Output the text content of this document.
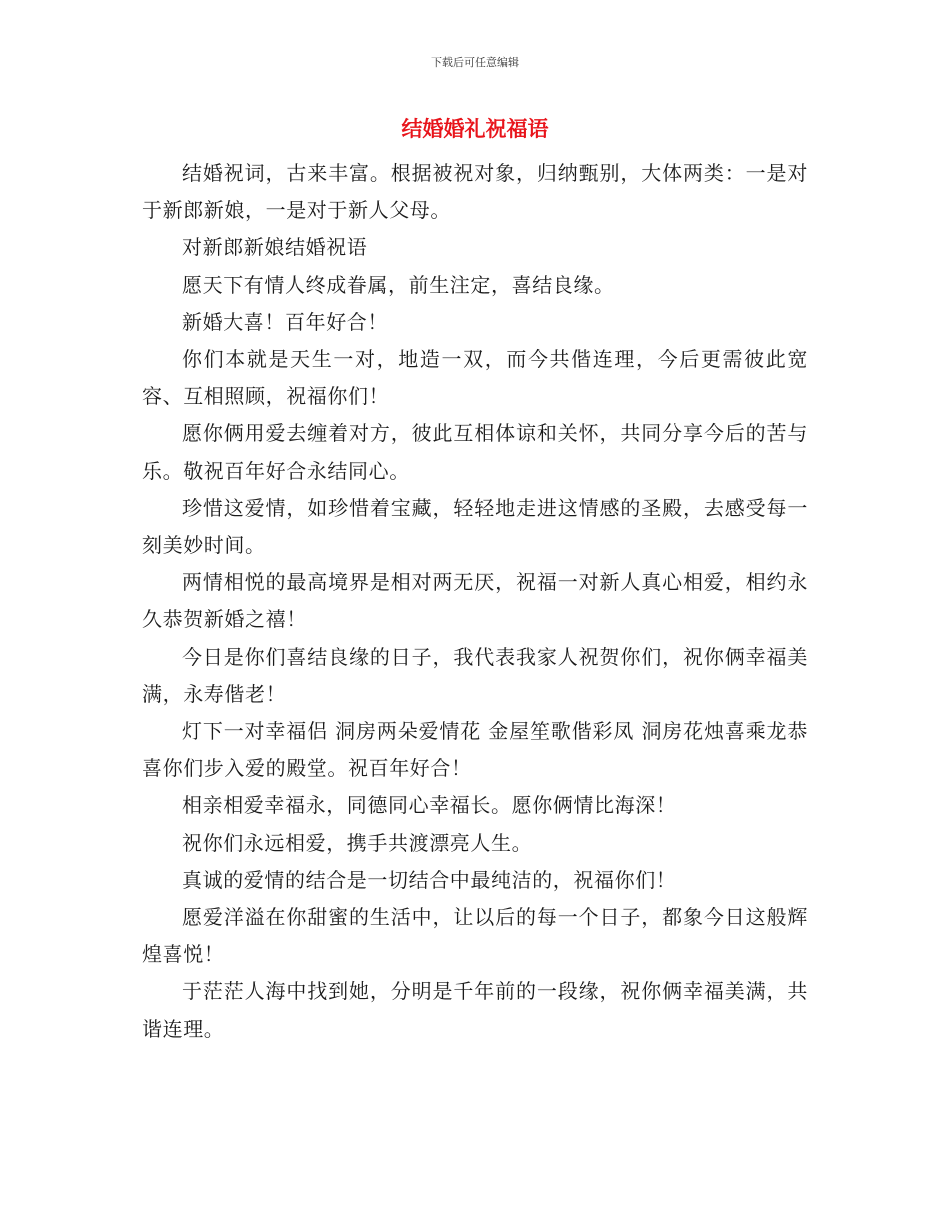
下载后可任意编辑
结婚婚礼祝福语

结婚祝词，古来丰富。根据被祝对象，归纳甄别，大体两类：一是对于新郎新娘，一是对于新人父母。

对新郎新娘结婚祝语

愿天下有情人终成眷属，前生注定，喜结良缘。

新婚大喜！百年好合！

你们本就是天生一对，地造一双，而今共偕连理，今后更需彼此宽容、互相照顾，祝福你们！

愿你俩用爱去缠着对方，彼此互相体谅和关怀，共同分享今后的苦与乐。敬祝百年好合永结同心。

珍惜这爱情，如珍惜着宝藏，轻轻地走进这情感的圣殿，去感受每一刻美妙时间。

两情相悦的最高境界是相对两无厌，祝福一对新人真心相爱，相约永久恭贺新婚之禧！

今日是你们喜结良缘的日子，我代表我家人祝贺你们，祝你俩幸福美满，永寿偕老！

灯下一对幸福侣 洞房两朵爱情花 金屋笙歌偕彩凤 洞房花烛喜乘龙恭喜你们步入爱的殿堂。祝百年好合！

相亲相爱幸福永，同德同心幸福长。愿你俩情比海深！

祝你们永远相爱，携手共渡漂亮人生。

真诚的爱情的结合是一切结合中最纯洁的，祝福你们！

愿爱洋溢在你甜蜜的生活中，让以后的每一个日子，都象今日这般辉煌喜悦！

于茫茫人海中找到她，分明是千年前的一段缘，祝你俩幸福美满，共谐连理。
